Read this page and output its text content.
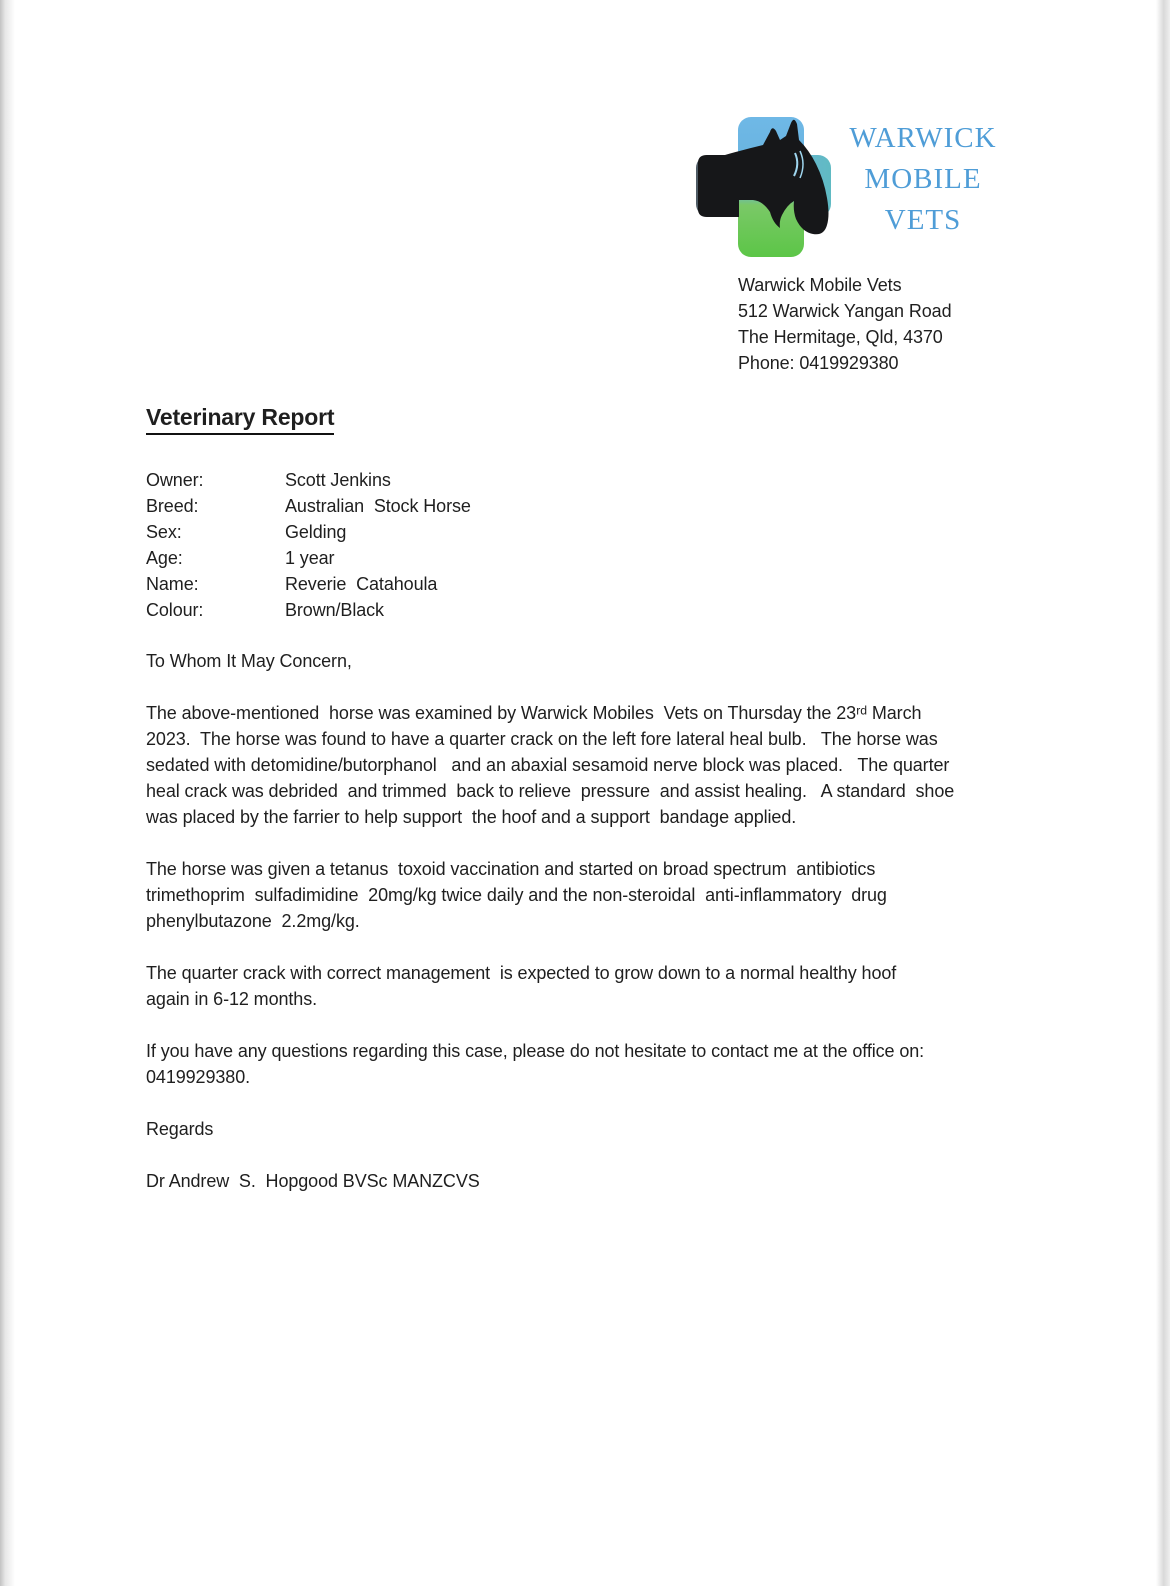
WARWICK
MOBILE
VETS
Warwick Mobile Vets
512 Warwick Yangan Road
The Hermitage, Qld, 4370
Phone: 0419929380
Veterinary Report
Owner:	Scott Jenkins
Breed:	Australian  Stock Horse
Sex:	Gelding
Age:	1 year
Name:	Reverie  Catahoula
Colour:	Brown/Black
To Whom It May Concern,
The above-mentioned  horse was examined by Warwick Mobiles  Vets on Thursday the 23ʳᵈ March
2023.  The horse was found to have a quarter crack on the left fore lateral heal bulb.   The horse was
sedated with detomidine/butorphanol   and an abaxial sesamoid nerve block was placed.   The quarter
heal crack was debrided  and trimmed  back to relieve  pressure  and assist healing.   A standard  shoe
was placed by the farrier to help support  the hoof and a support  bandage applied.
The horse was given a tetanus  toxoid vaccination and started on broad spectrum  antibiotics
trimethoprim  sulfadimidine  20mg/kg twice daily and the non-steroidal  anti-inflammatory  drug
phenylbutazone  2.2mg/kg.
The quarter crack with correct management  is expected to grow down to a normal healthy hoof
again in 6-12 months.
If you have any questions regarding this case, please do not hesitate to contact me at the office on:
0419929380.
Regards
Dr Andrew  S.  Hopgood BVSc MANZCVS
